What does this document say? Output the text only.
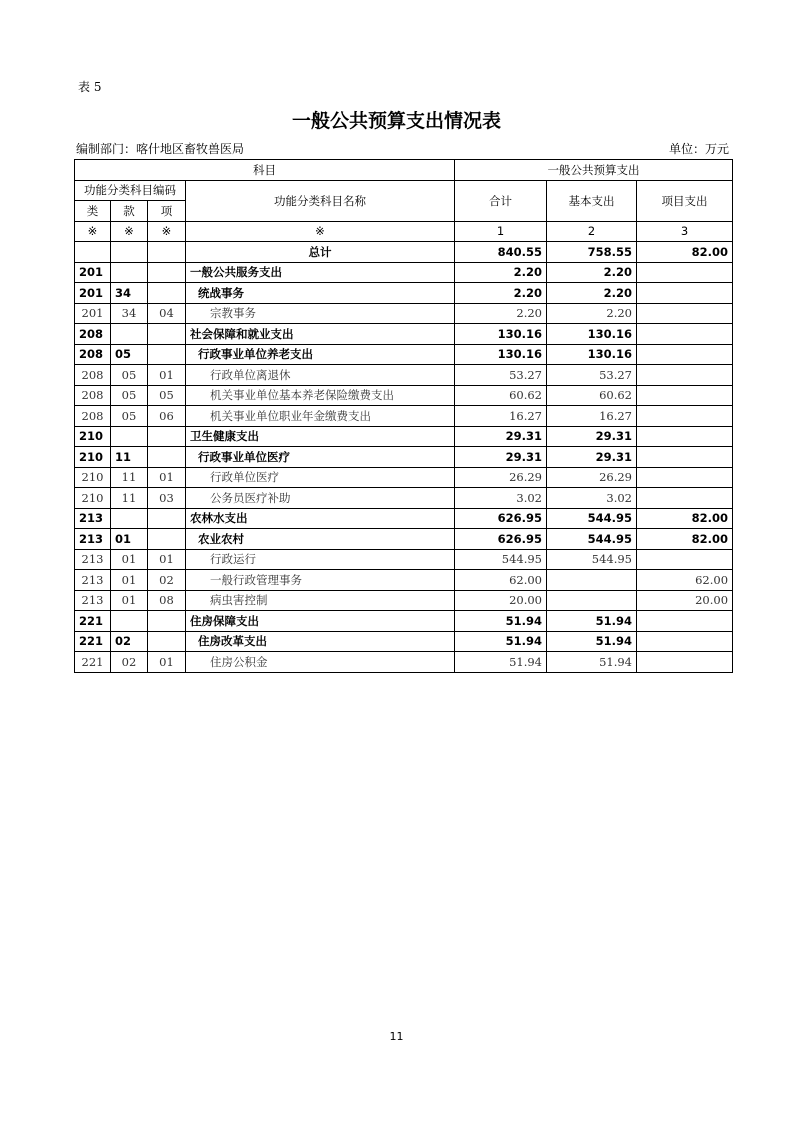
表 5
一般公共预算支出情况表
编制部门：喀什地区畜牧兽医局	单位：万元
科目				一般公共预算支出		
功能分类科目编码			功能分类科目名称	合计	基本支出	项目支出
类	款	项				
※	※	※	※	1	2	3
			总计	840.55	758.55	82.00
201			一般公共服务支出	2.20	2.20	
201	34		统战事务	2.20	2.20	
201	34	04	宗教事务	2.20	2.20	
208			社会保障和就业支出	130.16	130.16	
208	05		行政事业单位养老支出	130.16	130.16	
208	05	01	行政单位离退休	53.27	53.27	
208	05	05	机关事业单位基本养老保险缴费支出	60.62	60.62	
208	05	06	机关事业单位职业年金缴费支出	16.27	16.27	
210			卫生健康支出	29.31	29.31	
210	11		行政事业单位医疗	29.31	29.31	
210	11	01	行政单位医疗	26.29	26.29	
210	11	03	公务员医疗补助	3.02	3.02	
213			农林水支出	626.95	544.95	82.00
213	01		农业农村	626.95	544.95	82.00
213	01	01	行政运行	544.95	544.95	
213	01	02	一般行政管理事务	62.00		62.00
213	01	08	病虫害控制	20.00		20.00
221			住房保障支出	51.94	51.94	
221	02		住房改革支出	51.94	51.94	
221	02	01	住房公积金	51.94	51.94	
11
